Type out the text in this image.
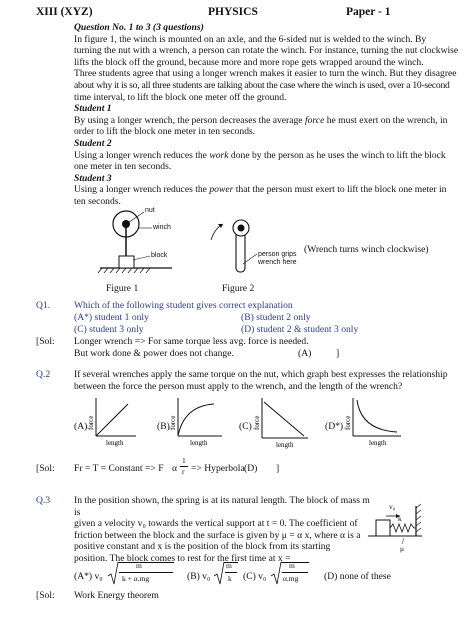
XIII (XYZ)	PHYSICS	Paper - 1
Question No. 1 to 3 (3 questions)
In figure 1, the winch is mounted on an axle, and the 6-sided nut is welded to the winch. By
turning the nut with a wrench, a person can rotate the winch. For instance, turning the nut clockwise
lifts the block off the ground, because more and more rope gets wrapped around the winch.
Three students agree that using a longer wrench makes it easier to turn the winch. But they disagree
about why it is so, all three students are talking about the case where the winch is used, over a 10-second
time interval, to lift the block one meter off the ground.
Student 1
By using a longer wrench, the person decreases the average force he must exert on the wrench, in
order to lift the block one meter in ten seconds.
Student 2
Using a longer wrench reduces the work done by the person as he uses the winch to lift the block
one meter in ten seconds.
Student 3
Using a longer wrench reduces the power that the person must exert to lift the block one meter in
ten seconds.
nut
winch
block
Figure 1
person grips
wrench here
Figure 2
(Wrench turns winch clockwise)
Q1. Which of the following student gives correct explanation
(A*) student 1 only	(B) student 2 only
(C) student 3 only	(D) student 2 & student 3 only
[Sol: Longer wrench => For same torque less avg. force is needed.
But work done & power does not change.	(A)	]
Q.2 If several wrenches apply the same torque on the nut, which graph best expresses the relationship
between the force the person must apply to the wrench, and the length of the wrench?
(A) force
length
(B) force
length
(C) force
length
(D*) force
length
[Sol: Fr = T = Constant => F α
1
r => Hyperbola (D) ]
Q.3 In the position shown, the spring is at its natural length. The block of mass m is
given a velocity v₀ towards the vertical support at t = 0. The coefficient of
friction between the block and the surface is given by μ = α x, where α is a
positive constant and x is the position of the block from its starting
position. The block comes to rest for the first time at x =
v₀
k
μ
(A*) v₀
m
k + α.mg	(B) v₀
m
k (C) v₀
m
α.mg	(D) none of these
[Sol: Work Energy theorem
